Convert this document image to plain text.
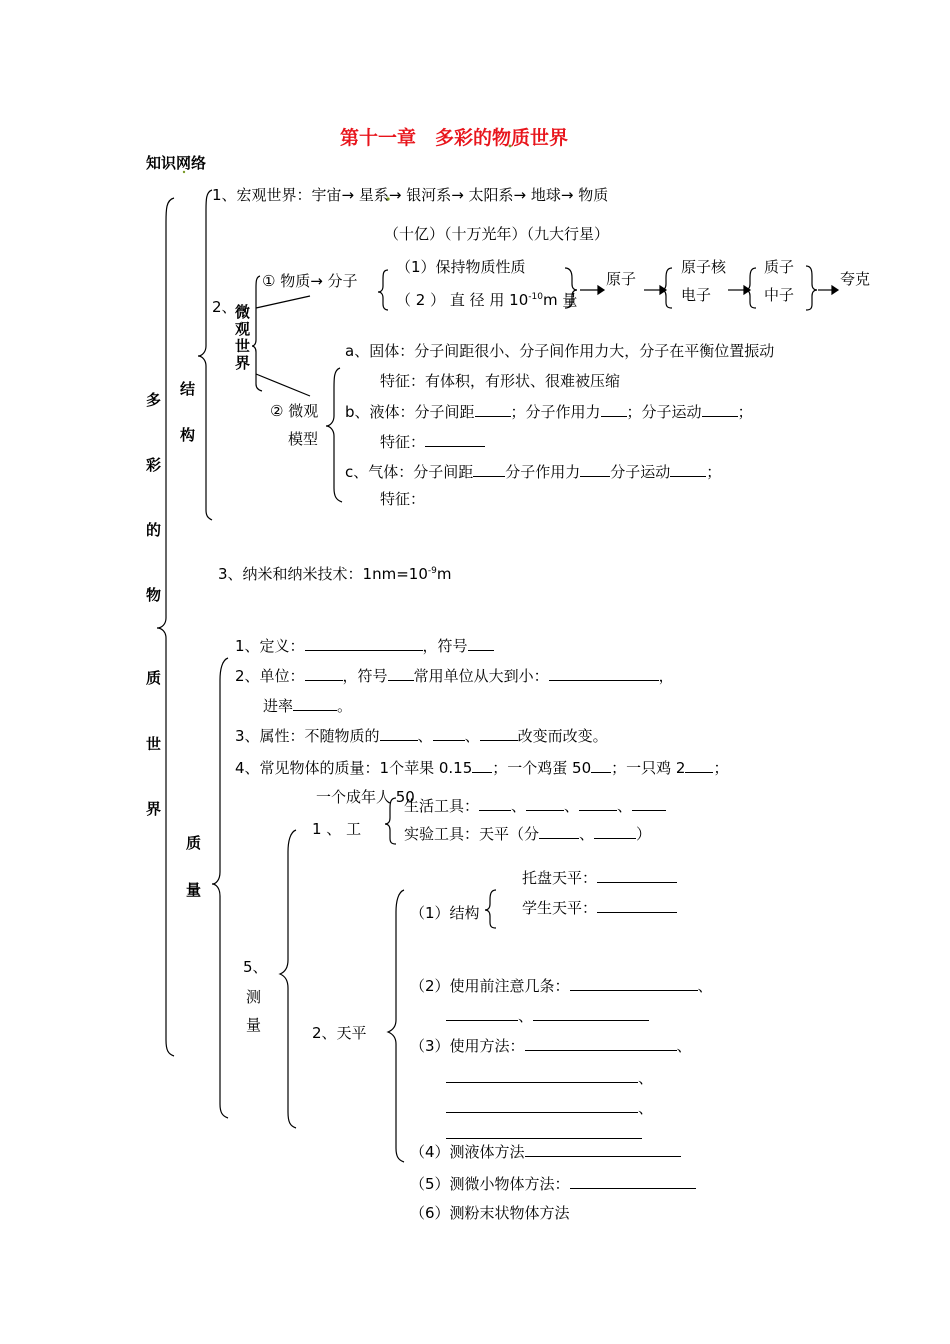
第十一章　多彩的物质世界
知识网络
多
彩
的
物
质
世
界
结
构
1、宏观世界：宇宙→ 星系→ 银河系→ 太阳系→ 地球→ 物质
（十亿）（十万光年）（九大行星）
2、
微
观
世
界
① 物质→ 分子
（1）保持物质性质
（ 2 ） 直 径 用 $10^{-10}m$ 量
原子
原子核
电子
质子
中子
夸克
② 微观
模型
a、固体：分子间距很小、分子间作用力大，分子在平衡位置振动
特征：有体积，有形状、很难被压缩
b、液体：分子间距 ；分子作用力 ；分子运动 ；
特征：
c、气体：分子间距 分子作用力 分子运动 ；
特征：
3、纳米和纳米技术：$1nm=10^{-9}m$
质
量
1、定义：	，符号
2、单位：	，符号 常用单位从大到小：	，
进率	。
3、属性：不随物质的	、 、	改变而改变。
4、常见物体的质量：1个苹果 0.15 ；一个鸡蛋 50 ；一只鸡 2 ；
一个成年人 50
5、
测
量
1 、 工
生活工具： 、	、	、
实验工具：天平（分	、	）
2、天平
（1）结构
托盘天平：
学生天平：
（2）使用前注意几条：	、
、
（3）使用方法：	、
、
、
（4）测液体方法
（5）测微小物体方法：
（6）测粉末状物体方法
